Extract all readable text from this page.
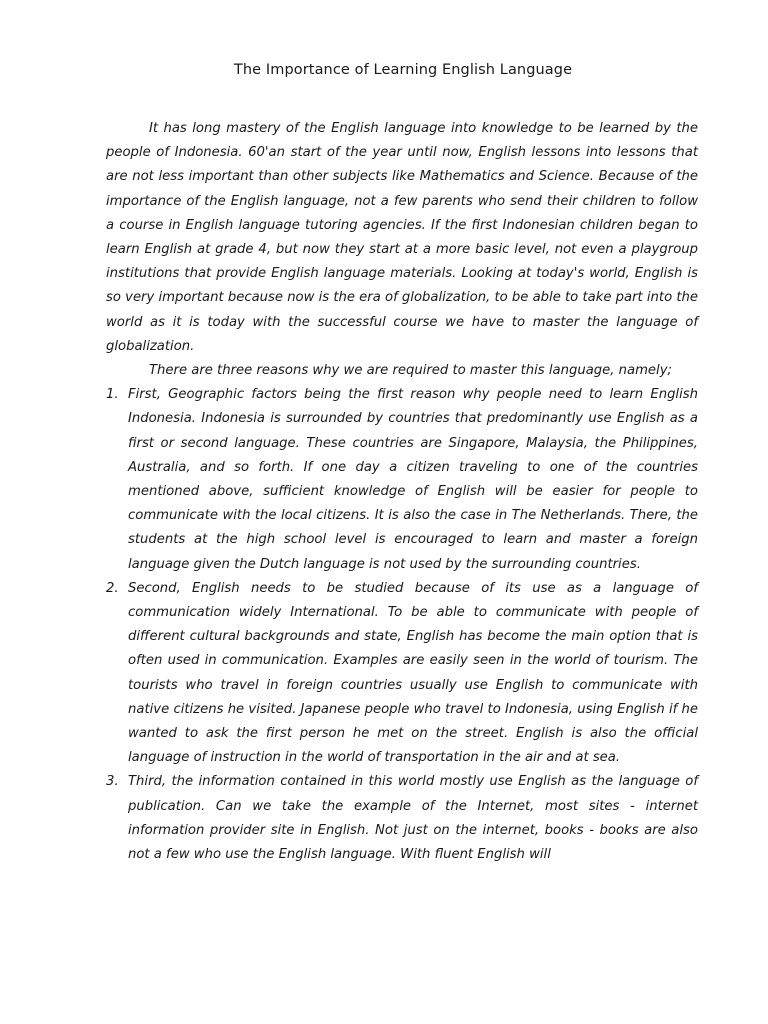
The Importance of Learning English Language

It has long mastery of the English language into knowledge to be learned by the people of Indonesia. 60'an start of the year until now, English lessons into lessons that are not less important than other subjects like Mathematics and Science. Because of the importance of the English language, not a few parents who send their children to follow a course in English language tutoring agencies. If the first Indonesian children began to learn English at grade 4, but now they start at a more basic level, not even a playgroup institutions that provide English language materials. Looking at today's world, English is so very important because now is the era of globalization, to be able to take part into the world as it is today with the successful course we have to master the language of globalization.

There are three reasons why we are required to master this language, namely;

1. First, Geographic factors being the first reason why people need to learn English Indonesia. Indonesia is surrounded by countries that predominantly use English as a first or second language. These countries are Singapore, Malaysia, the Philippines, Australia, and so forth. If one day a citizen traveling to one of the countries mentioned above, sufficient knowledge of English will be easier for people to communicate with the local citizens. It is also the case in The Netherlands. There, the students at the high school level is encouraged to learn and master a foreign language given the Dutch language is not used by the surrounding countries.
2. Second, English needs to be studied because of its use as a language of communication widely International. To be able to communicate with people of different cultural backgrounds and state, English has become the main option that is often used in communication. Examples are easily seen in the world of tourism. The tourists who travel in foreign countries usually use English to communicate with native citizens he visited. Japanese people who travel to Indonesia, using English if he wanted to ask the first person he met on the street. English is also the official language of instruction in the world of transportation in the air and at sea.
3. Third, the information contained in this world mostly use English as the language of publication. Can we take the example of the Internet, most sites - internet information provider site in English. Not just on the internet, books - books are also not a few who use the English language. With fluent English will
